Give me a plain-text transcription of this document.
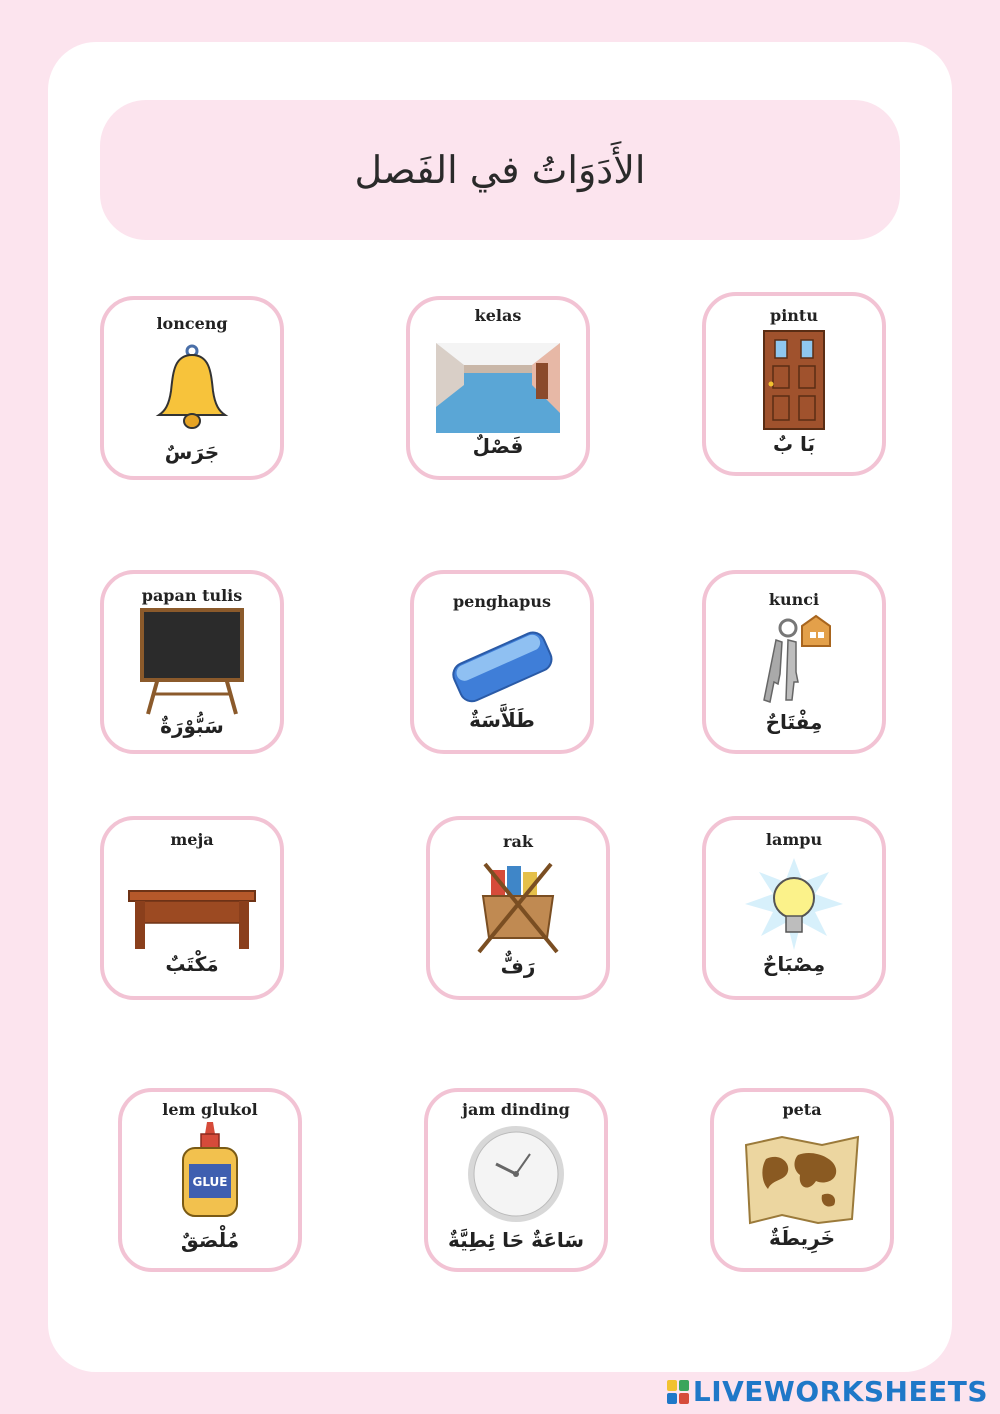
الأَدَوَاتُ في الفَصل
lonceng
جَرَسٌ
kelas
فَصْلٌ
pintu
بَا بٌ
papan tulis
سَبُّوْرَةٌ
penghapus
طَلَاَّسَةٌ
kunci
مِفْتَاحٌ
meja
مَكْتَبٌ
rak
رَفٌّ
lampu
مِصْبَاحٌ
lem glukol
GLUE
مُلْصَقٌ
jam dinding
سَاعَةٌ حَا ئِطِيَّةٌ
peta
خَرِيطَةٌ
LIVEWORKSHEETS
